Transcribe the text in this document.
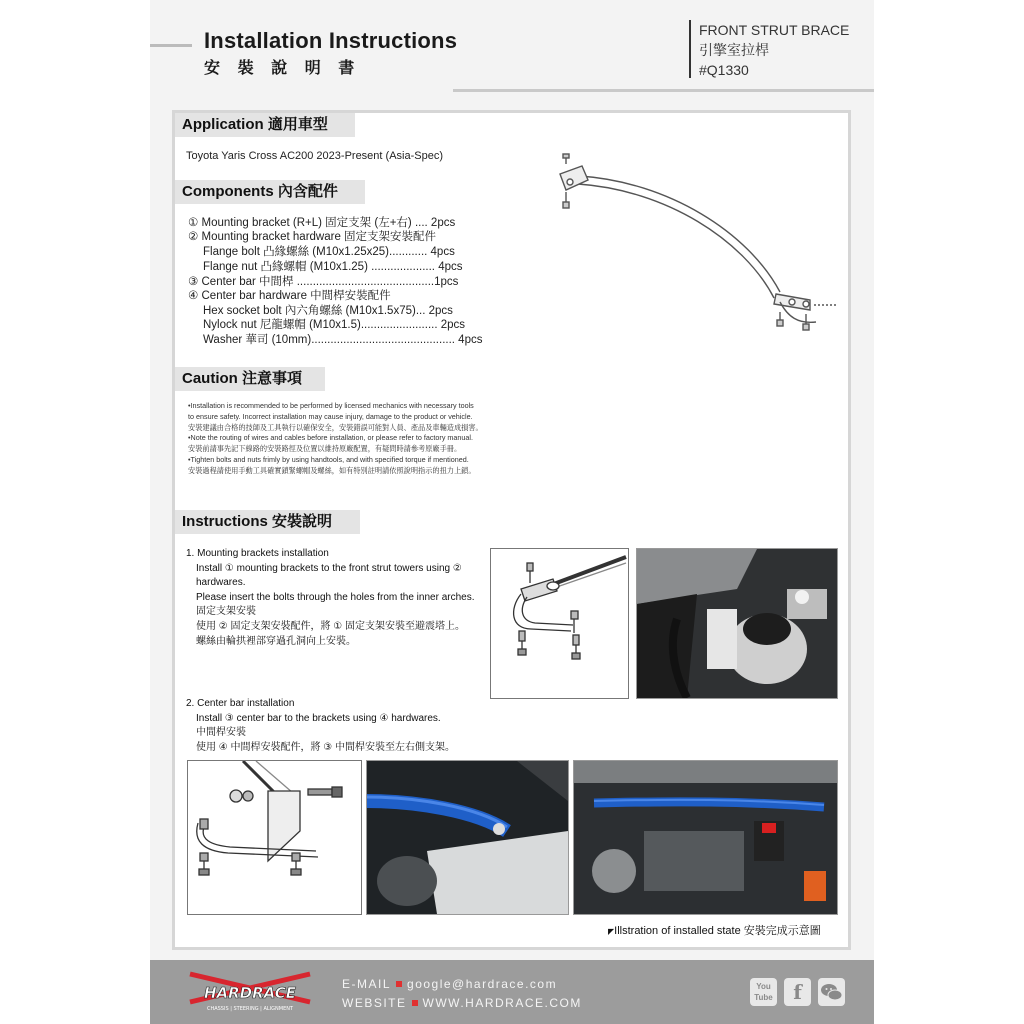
Installation Instructions
安 裝 說 明 書
FRONT STRUT BRACE
引擎室拉桿
#Q1330
Application 適用車型
Toyota Yaris Cross AC200 2023-Present (Asia-Spec)
Components 內含配件
① Mounting bracket (R+L) 固定支架 (左+右) .... 2pcs
② Mounting bracket hardware 固定支架安裝配件
Flange bolt 凸緣螺絲 (M10x1.25x25)............ 4pcs
Flange nut 凸緣螺帽 (M10x1.25) .................... 4pcs
③ Center bar 中間桿 ...........................................1pcs
④ Center bar hardware 中間桿安裝配件
Hex socket bolt 內六角螺絲 (M10x1.5x75)... 2pcs
Nylock nut 尼龍螺帽 (M10x1.5)........................ 2pcs
Washer 華司 (10mm)............................................. 4pcs
Caution 注意事項
•Installation is recommended to be performed by licensed mechanics with necessary tools
to ensure safety. Incorrect installation may cause injury, damage to the product or vehicle.
安裝建議由合格的技師及工具執行以確保安全，安裝錯誤可能對人員、產品及車輛造成損害。
•Note the routing of wires and cables before installation, or please refer to factory manual.
安裝前請事先記下線路的安裝路徑及位置以維持原廠配置，有疑問時請參考原廠手冊。
•Tighten bolts and nuts frimly by using handtools, and with specified torque if mentioned.
安裝過程請使用手動工具確實鎖緊螺帽及螺絲，如有特別註明請依照說明指示的扭力上鎖。
Instructions 安裝說明
1. Mounting brackets installation
Install ① mounting brackets to the front strut towers using ②
hardwares.
Please insert the bolts through the holes from the inner arches.
固定支架安裝
使用 ② 固定支架安裝配件，將 ① 固定支架安裝至避震塔上。
螺絲由輪拱裡部穿過孔洞向上安裝。
2. Center bar installation
Install ③ center bar to the brackets using ④ hardwares.
中間桿安裝
使用 ④ 中間桿安裝配件，將 ③ 中間桿安裝至左右側支架。
◤Illstration of installed state 安裝完成示意圖
HARDRACE
CHASSIS | STEERING | ALIGNMENT
E-MAIL google@hardrace.com
WEBSITE WWW.HARDRACE.COM
You Tube	f
